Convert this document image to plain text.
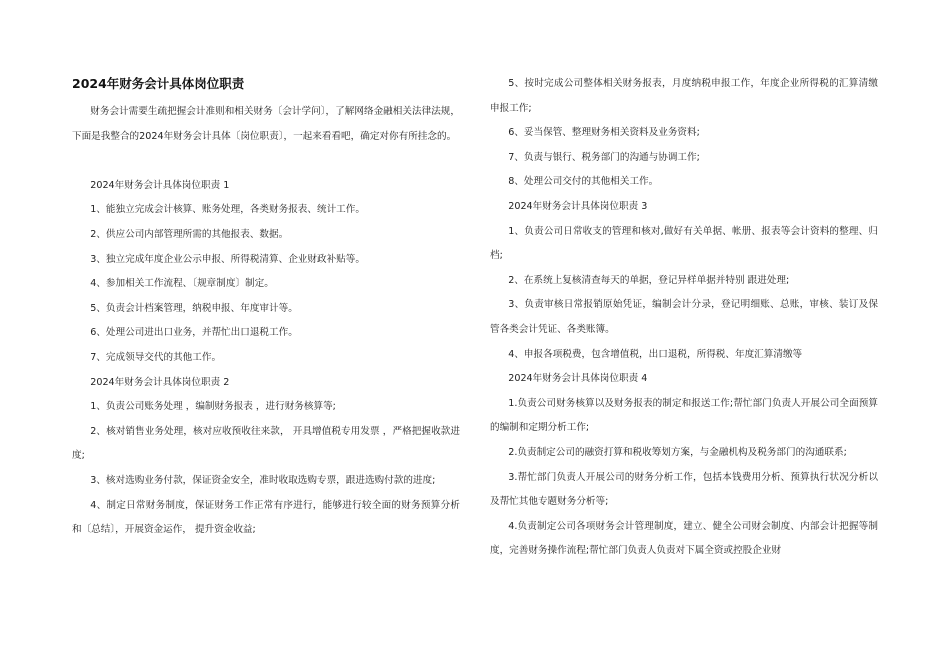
2024年财务会计具体岗位职责

财务会计需要生疏把握会计准则和相关财务〔会计学问〕，了解网络金融相关法律法规，下面是我整合的2024年财务会计具体〔岗位职责〕，一起来看看吧，确定对你有所挂念的。

2024年财务会计具体岗位职责 1

1、能独立完成会计核算、账务处理，各类财务报表、统计工作。

2、供应公司内部管理所需的其他报表、数据。

3、独立完成年度企业公示申报、所得税清算、企业财政补贴等。

4、参加相关工作流程、〔规章制度〕制定。

5、负责会计档案管理，纳税申报、年度审计等。

6、处理公司进出口业务，并帮忙出口退税工作。

7、完成领导交代的其他工作。

2024年财务会计具体岗位职责 2

1、负责公司账务处理 ，编制财务报表 ，进行财务核算等;

2、核对销售业务处理，核对应收预收往来款， 开具增值税专用发票 ，严格把握收款进度;

3、核对选购业务付款，保证资金安全，准时收取选购专票，跟进选购付款的进度;

4、制定日常财务制度，保证财务工作正常有序进行，能够进行较全面的财务预算分析和〔总结〕，开展资金运作， 提升资金收益;

5、按时完成公司整体相关财务报表，月度纳税申报工作，年度企业所得税的汇算清缴申报工作;

6、妥当保管、整理财务相关资料及业务资料;

7、负责与银行、税务部门的沟通与协调工作;

8、处理公司交付的其他相关工作。

2024年财务会计具体岗位职责 3

1、负责公司日常收支的管理和核对,做好有关单据、帐册、报表等会计资料的整理、归档;

2、在系统上复核清查每天的单据，登记异样单据并特别 跟进处理;

3、负责审核日常报销原始凭证，编制会计分录，登记明细账、总账，审核、装订及保管各类会计凭证、各类账簿。

4、申报各项税费，包含增值税，出口退税，所得税、年度汇算清缴等

2024年财务会计具体岗位职责 4

1.负责公司财务核算以及财务报表的制定和报送工作;帮忙部门负责人开展公司全面预算的编制和定期分析工作;

2.负责制定公司的融资打算和税收筹划方案，与金融机构及税务部门的沟通联系;

3.帮忙部门负责人开展公司的财务分析工作，包括本钱费用分析、预算执行状况分析以及帮忙其他专题财务分析等;

4.负责制定公司各项财务会计管理制度，建立、健全公司财会制度、内部会计把握等制度，完善财务操作流程;帮忙部门负责人负责对下属全资或控股企业财
